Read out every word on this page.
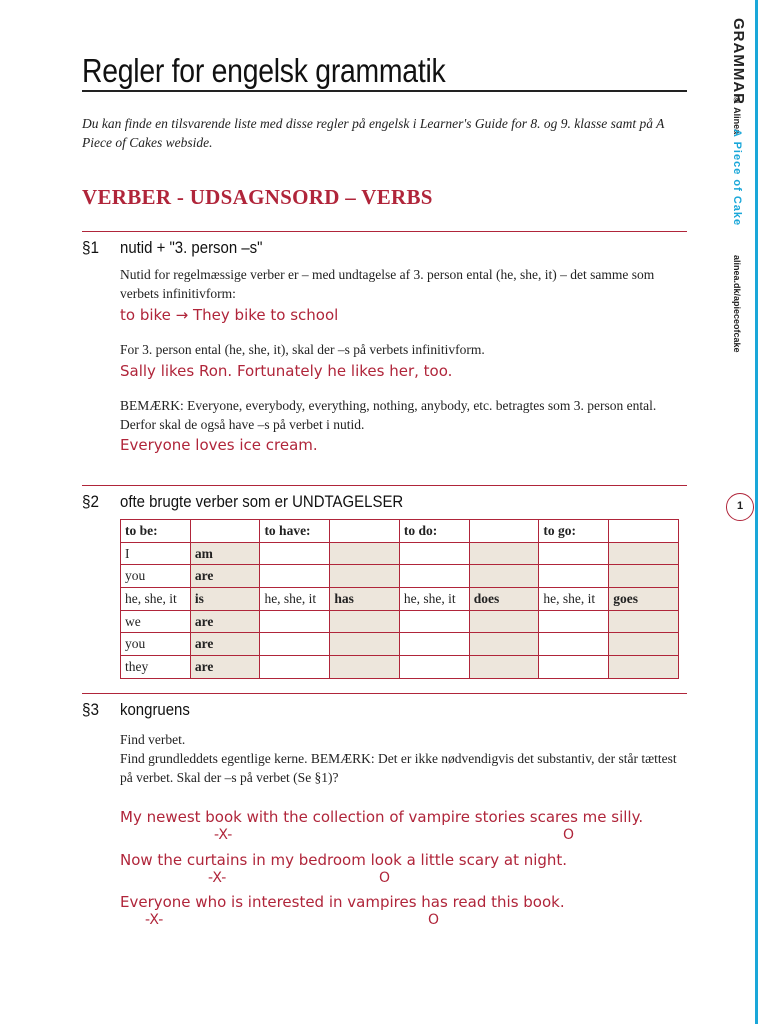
Regler for engelsk grammatik

Du kan finde en tilsvarende liste med disse regler på engelsk i Learner's Guide for 8. og 9. klasse samt på A Piece of Cakes webside.

VERBER - UDSAGNSORD – VERBS
§1 nutid + "3. person –s"

Nutid for regelmæssige verber er – med undtagelse af 3. person ental (he, she, it) – det samme som verbets infinitivform:

to bike → They bike to school

For 3. person ental (he, she, it), skal der –s på verbets infinitivform.

Sally likes Ron. Fortunately he likes her, too.

BEMÆRK: Everyone, everybody, everything, nothing, anybody, etc. betragtes som 3. person ental. Derfor skal de også have –s på verbet i nutid.

Everyone loves ice cream.
§2 ofte brugte verber som er UNDTAGELSER
to be:		to have:		to do:		to go:	
I	am						
you	are						
he, she, it	is	he, she, it	has	he, she, it	does	he, she, it	goes
we	are						
you	are						
they	are						
§3 kongruens

Find verbet.

Find grundleddets egentlige kerne. BEMÆRK: Det er ikke nødvendigvis det substantiv, der står tættest på verbet. Skal der –s på verbet (Se §1)?

My newest book with the collection of vampire stories scares me silly.
-X-	O
Now the curtains in my bedroom look a little scary at night.
-X-	O
Everyone who is interested in vampires has read this book.
-X-	O
GRAMMAR
© Alinea
A Piece of Cake
alinea.dk/apieceofcake
1
